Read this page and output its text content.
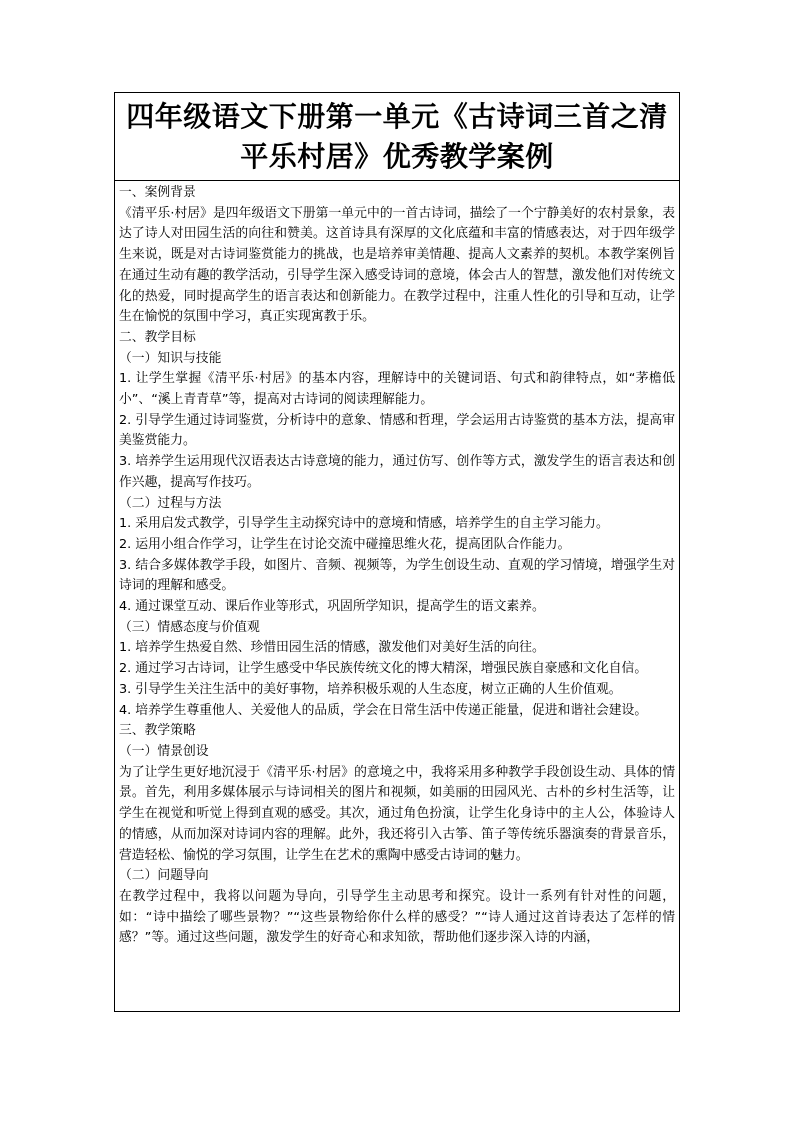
四年级语文下册第一单元《古诗词三首之清平乐村居》优秀教学案例

一、案例背景

《清平乐·村居》是四年级语文下册第一单元中的一首古诗词，描绘了一个宁静美好的农村景象，表达了诗人对田园生活的向往和赞美。这首诗具有深厚的文化底蕴和丰富的情感表达，对于四年级学生来说，既是对古诗词鉴赏能力的挑战，也是培养审美情趣、提高人文素养的契机。本教学案例旨在通过生动有趣的教学活动，引导学生深入感受诗词的意境，体会古人的智慧，激发他们对传统文化的热爱，同时提高学生的语言表达和创新能力。在教学过程中，注重人性化的引导和互动，让学生在愉悦的氛围中学习，真正实现寓教于乐。

二、教学目标

（一）知识与技能

1. 让学生掌握《清平乐·村居》的基本内容，理解诗中的关键词语、句式和韵律特点，如“茅檐低小”、“溪上青青草”等，提高对古诗词的阅读理解能力。

2. 引导学生通过诗词鉴赏，分析诗中的意象、情感和哲理，学会运用古诗鉴赏的基本方法，提高审美鉴赏能力。

3. 培养学生运用现代汉语表达古诗意境的能力，通过仿写、创作等方式，激发学生的语言表达和创作兴趣，提高写作技巧。

（二）过程与方法

1. 采用启发式教学，引导学生主动探究诗中的意境和情感，培养学生的自主学习能力。

2. 运用小组合作学习，让学生在讨论交流中碰撞思维火花，提高团队合作能力。

3. 结合多媒体教学手段，如图片、音频、视频等，为学生创设生动、直观的学习情境，增强学生对诗词的理解和感受。

4. 通过课堂互动、课后作业等形式，巩固所学知识，提高学生的语文素养。

（三）情感态度与价值观

1. 培养学生热爱自然、珍惜田园生活的情感，激发他们对美好生活的向往。

2. 通过学习古诗词，让学生感受中华民族传统文化的博大精深，增强民族自豪感和文化自信。

3. 引导学生关注生活中的美好事物，培养积极乐观的人生态度，树立正确的人生价值观。

4. 培养学生尊重他人、关爱他人的品质，学会在日常生活中传递正能量，促进和谐社会建设。

三、教学策略

（一）情景创设

为了让学生更好地沉浸于《清平乐·村居》的意境之中，我将采用多种教学手段创设生动、具体的情景。首先，利用多媒体展示与诗词相关的图片和视频，如美丽的田园风光、古朴的乡村生活等，让学生在视觉和听觉上得到直观的感受。其次，通过角色扮演，让学生化身诗中的主人公，体验诗人的情感，从而加深对诗词内容的理解。此外，我还将引入古筝、笛子等传统乐器演奏的背景音乐，营造轻松、愉悦的学习氛围，让学生在艺术的熏陶中感受古诗词的魅力。

（二）问题导向

在教学过程中，我将以问题为导向，引导学生主动思考和探究。设计一系列有针对性的问题，如：“诗中描绘了哪些景物？”“这些景物给你什么样的感受？”“诗人通过这首诗表达了怎样的情感？”等。通过这些问题，激发学生的好奇心和求知欲，帮助他们逐步深入诗的内涵，
